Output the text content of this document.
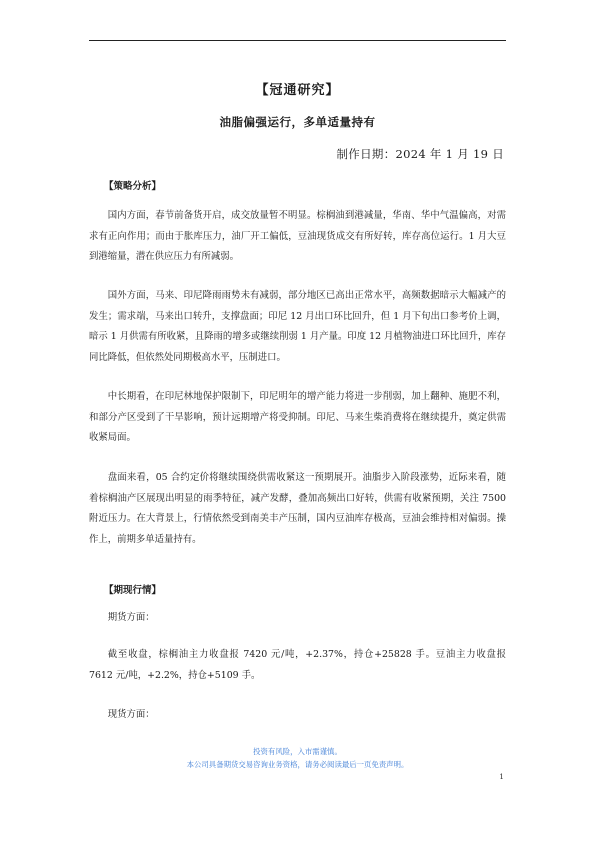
【冠通研究】
油脂偏强运行，多单适量持有
制作日期：2024 年 1 月 19 日
【策略分析】

国内方面，春节前备货开启，成交放量暂不明显。棕榈油到港减量，华南、华中气温偏高，对需求有正向作用；而由于胀库压力，油厂开工偏低，豆油现货成交有所好转，库存高位运行。1 月大豆到港缩量，潜在供应压力有所减弱。

国外方面，马来、印尼降雨雨势未有减弱，部分地区已高出正常水平，高频数据暗示大幅减产的发生；需求端，马来出口转升，支撑盘面；印尼 12 月出口环比回升，但 1 月下旬出口参考价上调，暗示 1 月供需有所收紧，且降雨的增多或继续削弱 1 月产量。印度 12 月植物油进口环比回升，库存同比降低，但依然处同期极高水平，压制进口。

中长期看，在印尼林地保护限制下，印尼明年的增产能力将进一步削弱，加上翻种、施肥不利，和部分产区受到了干旱影响，预计远期增产将受抑制。印尼、马来生柴消费将在继续提升，奠定供需收紧局面。

盘面来看，05 合约定价将继续围绕供需收紧这一预期展开。油脂步入阶段涨势，近际来看，随着棕榈油产区展现出明显的雨季特征，减产发酵，叠加高频出口好转，供需有收紧预期，关注 7500 附近压力。在大背景上，行情依然受到南美丰产压制，国内豆油库存极高，豆油会维持相对偏弱。操作上，前期多单适量持有。

【期现行情】

期货方面：

截至收盘，棕榈油主力收盘报 7420 元/吨，+2.37%，持仓+25828 手。豆油主力收盘报 7612 元/吨，+2.2%，持仓+5109 手。

现货方面：

投资有风险，入市需谨慎。
本公司具备期货交易咨询业务资格，请务必阅读最后一页免责声明。
1
